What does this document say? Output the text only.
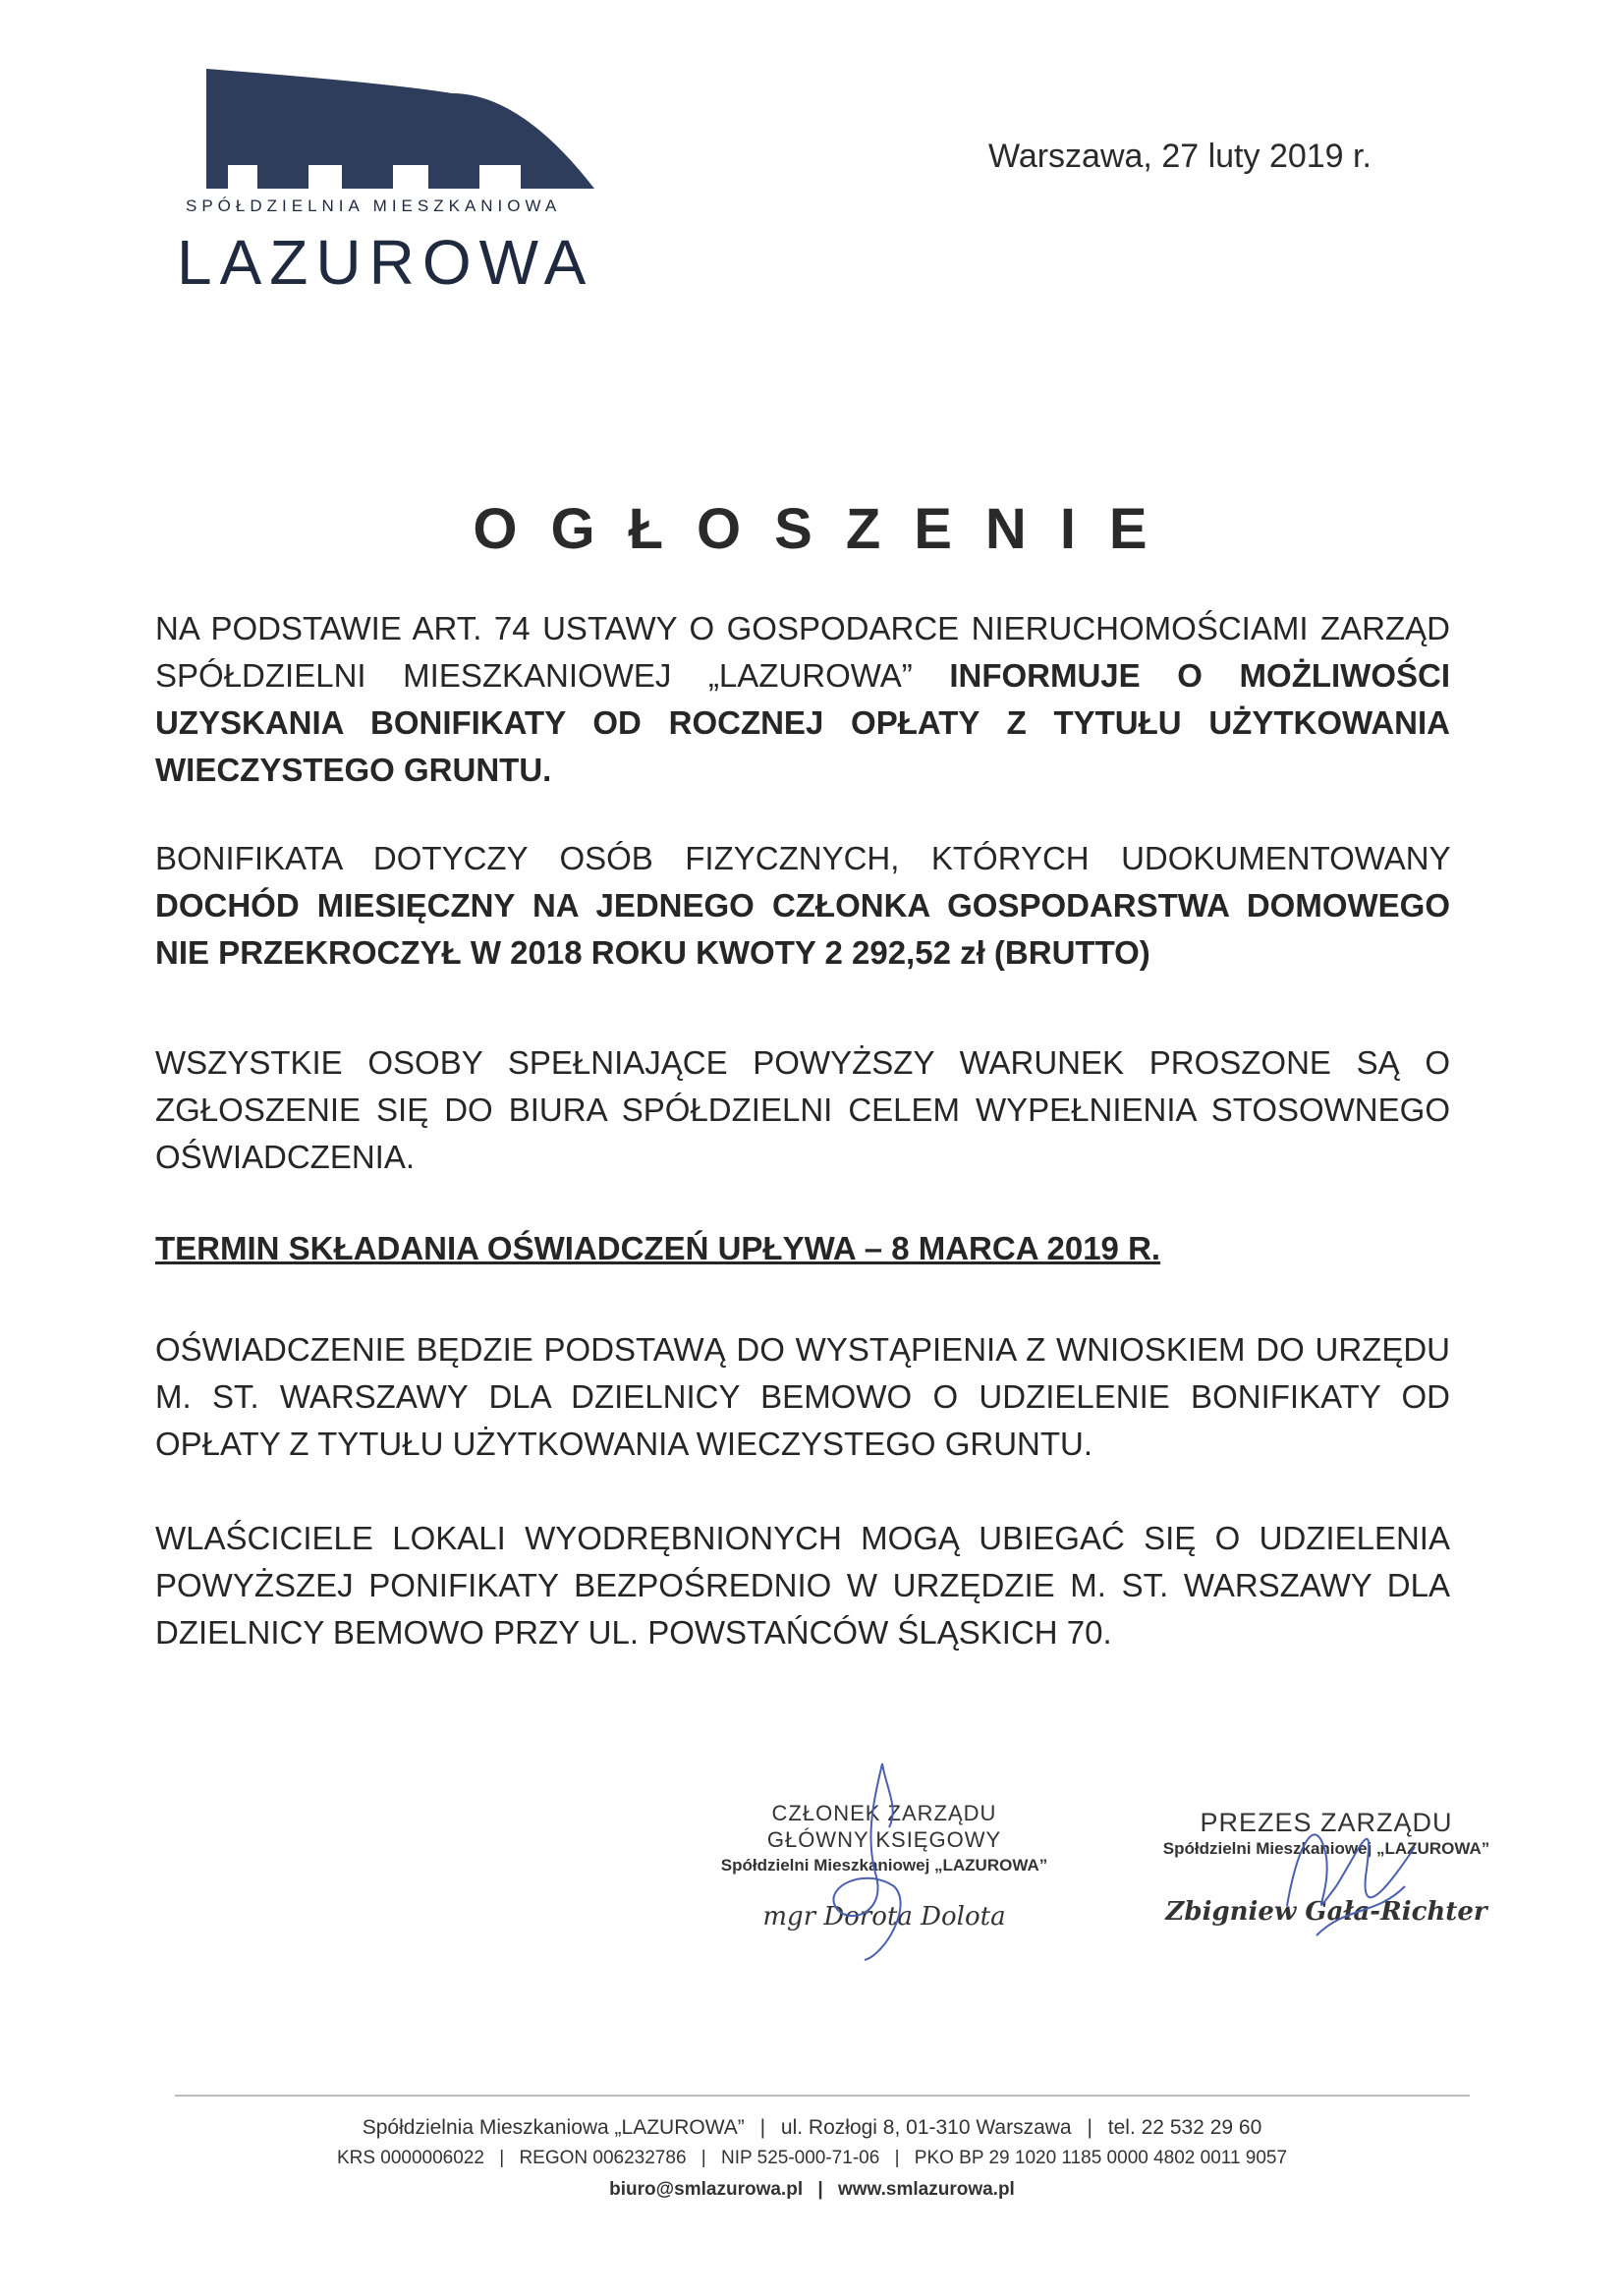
SPÓŁDZIELNIA MIESZKANIOWA
LAZUROWA
Warszawa, 27 luty 2019 r.
OGŁOSZENIE
NA PODSTAWIE ART. 74 USTAWY O GOSPODARCE NIERUCHOMOŚCIAMI ZARZĄD SPÓŁDZIELNI MIESZKANIOWEJ „LAZUROWA” INFORMUJE O MOŻLIWOŚCI UZYSKANIA BONIFIKATY OD ROCZNEJ OPŁATY Z TYTUŁU UŻYTKOWANIA WIECZYSTEGO GRUNTU.
BONIFIKATA DOTYCZY OSÓB FIZYCZNYCH, KTÓRYCH UDOKUMENTOWANY DOCHÓD MIESIĘCZNY NA JEDNEGO CZŁONKA GOSPODARSTWA DOMOWEGO NIE PRZEKROCZYŁ W 2018 ROKU KWOTY 2 292,52 zł (BRUTTO)
WSZYSTKIE OSOBY SPEŁNIAJĄCE POWYŻSZY WARUNEK PROSZONE SĄ O ZGŁOSZENIE SIĘ DO BIURA SPÓŁDZIELNI CELEM WYPEŁNIENIA STOSOWNEGO OŚWIADCZENIA.
TERMIN SKŁADANIA OŚWIADCZEŃ UPŁYWA – 8 MARCA 2019 R.
OŚWIADCZENIE BĘDZIE PODSTAWĄ DO WYSTĄPIENIA Z WNIOSKIEM DO URZĘDU M. ST. WARSZAWY DLA DZIELNICY BEMOWO O UDZIELENIE BONIFIKATY OD OPŁATY Z TYTUŁU UŻYTKOWANIA WIECZYSTEGO GRUNTU.
WLAŚCICIELE LOKALI WYODRĘBNIONYCH MOGĄ UBIEGAĆ SIĘ O UDZIELENIA POWYŻSZEJ PONIFIKATY BEZPOŚREDNIO W URZĘDZIE M. ST. WARSZAWY DLA DZIELNICY BEMOWO PRZY UL. POWSTAŃCÓW ŚLĄSKICH 70.
CZŁONEK ZARZĄDU
GŁÓWNY KSIĘGOWY
Spółdzielni Mieszkaniowej „LAZUROWA”
mgr Dorota Dolota
PREZES ZARZĄDU
Spółdzielni Mieszkaniowej „LAZUROWA”
Zbigniew Gała-Richter
Spółdzielnia Mieszkaniowa „LAZUROWA” | ul. Rozłogi 8, 01-310 Warszawa | tel. 22 532 29 60
KRS 0000006022 | REGON 006232786 | NIP 525-000-71-06 | PKO BP 29 1020 1185 0000 4802 0011 9057
biuro@smlazurowa.pl | www.smlazurowa.pl
